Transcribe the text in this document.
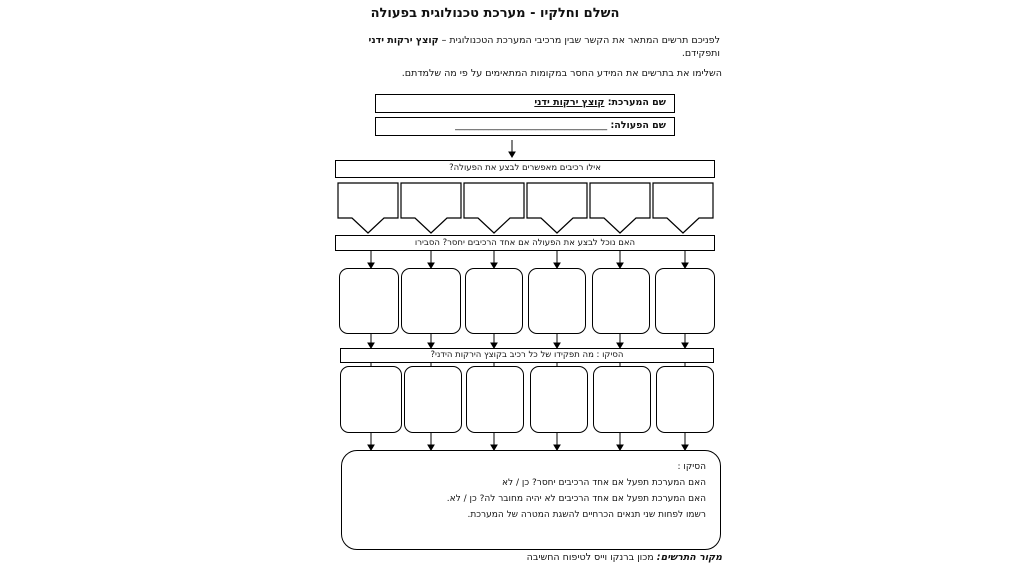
השלם וחלקיו - מערכת טכנולוגית בפעולה
לפניכם תרשים המתאר את הקשר שבין מרכיבי המערכת הטכנולוגית – קוצץ ירקות ידני ותפקידם.
השלימו את בתרשים את המידע החסר במקומות המתאימים על פי מה שלמדתם.
שם המערכת: קוצץ ירקות ידני
שם הפעולה: ________________________________
אילו רכיבים מאפשרים לבצע את הפעולה?
האם נוכל לבצע את הפעולה אם אחד הרכיבים יחסר? הסבירו
הסיקו : מה תפקידו של כל רכיב בקוצץ הירקות הידני?
הסיקו :
האם המערכת תפעל אם אחד הרכיבים יחסר? כן / לא
האם המערכת תפעל אם אחד הרכיבים לא יהיה מחובר לה? כן / לא.
רשמו לפחות שני תנאים הכרחיים להשגת המטרה של המערכת.
מקור התרשים: מכון ברנקו וייס לטיפוח החשיבה
